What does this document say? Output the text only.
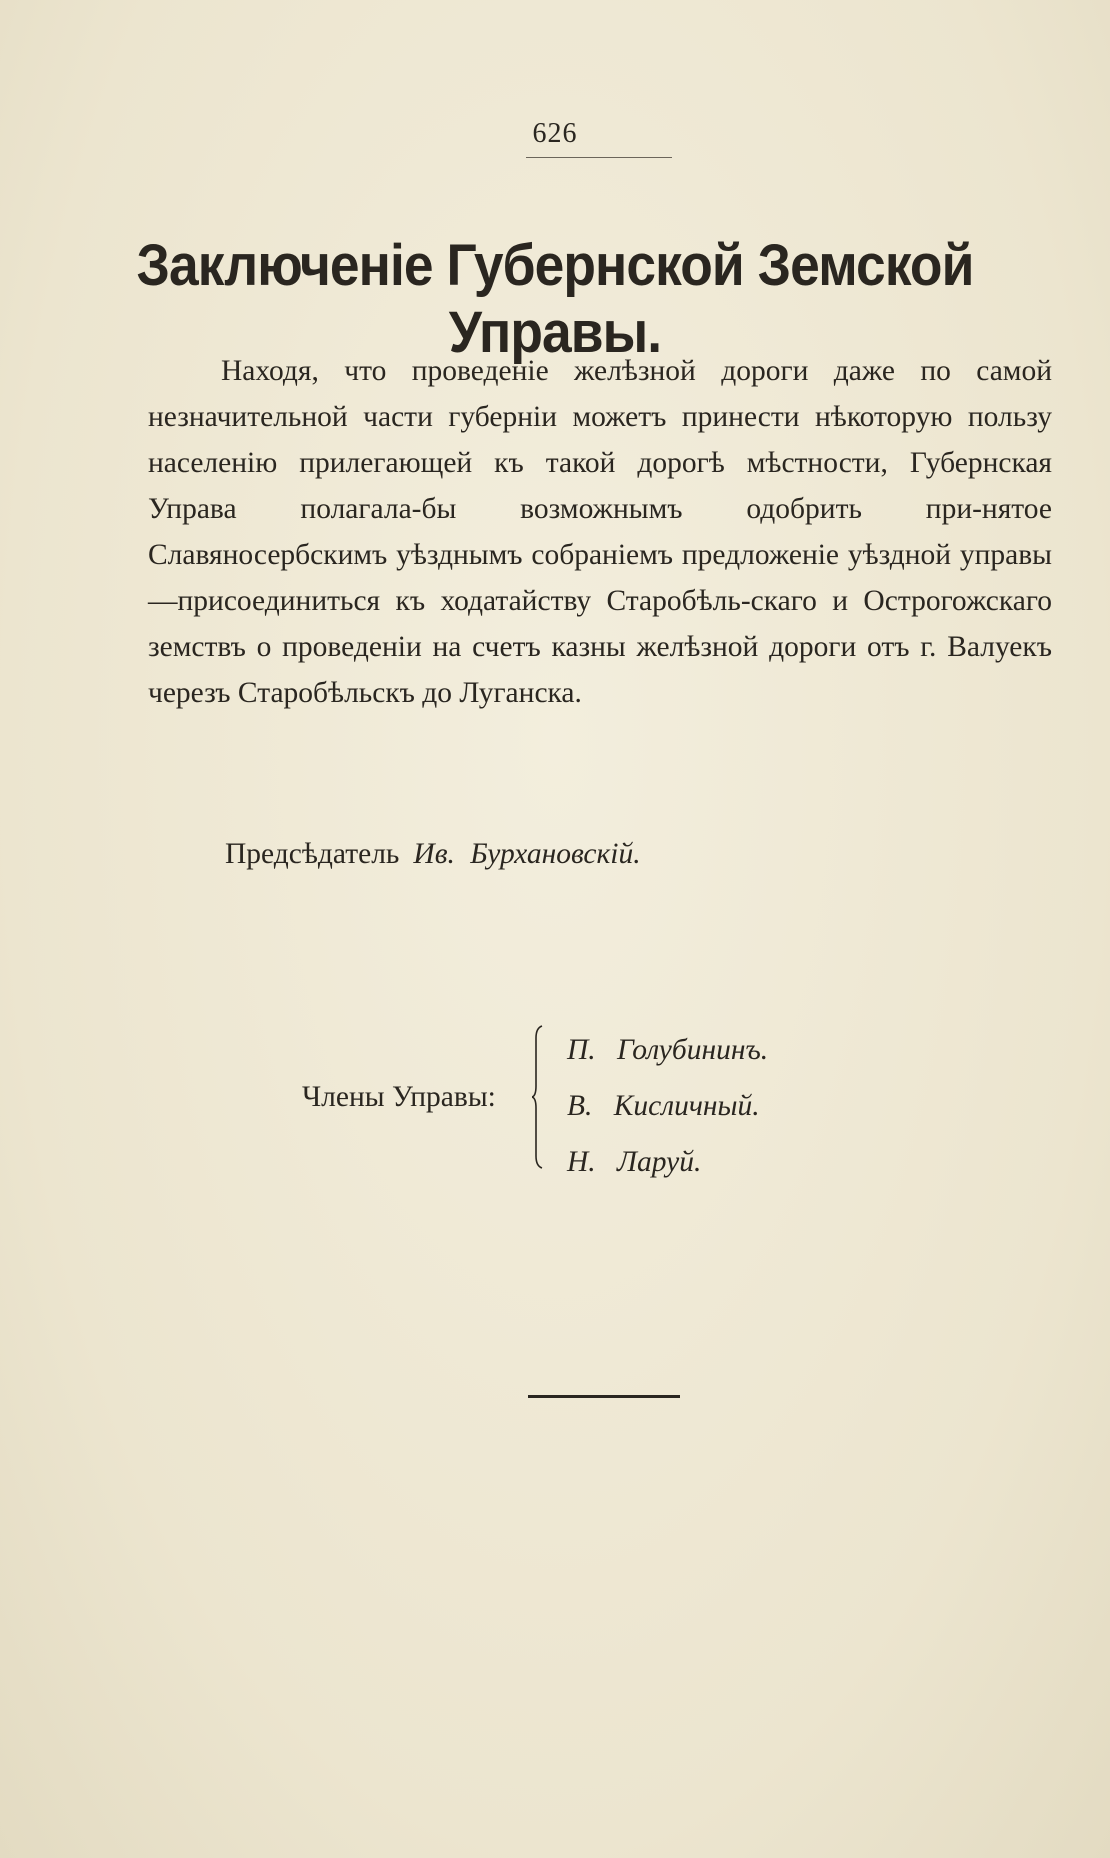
626
Заключеніе Губернской Земской Управы.

Находя, что проведеніе желѣзной дороги даже по самой незначительной части губерніи можетъ принести нѣкоторую пользу населенію прилегающей къ такой дорогѣ мѣстности, Губернская Управа полагала-бы возможнымъ одобрить при-нятое Славяносербскимъ уѣзднымъ собраніемъ предложеніе уѣздной управы—присоединиться къ ходатайству Старобѣль-скаго и Острогожскаго земствъ о проведеніи на счетъ казны желѣзной дороги отъ г. Валуекъ черезъ Старобѣльскъ до Луганска.

Предсѣдатель Ив. Бурхановскій.
Члены Управы:
П. Голубининъ.
В. Кисличный.
Н. Ларуй.
